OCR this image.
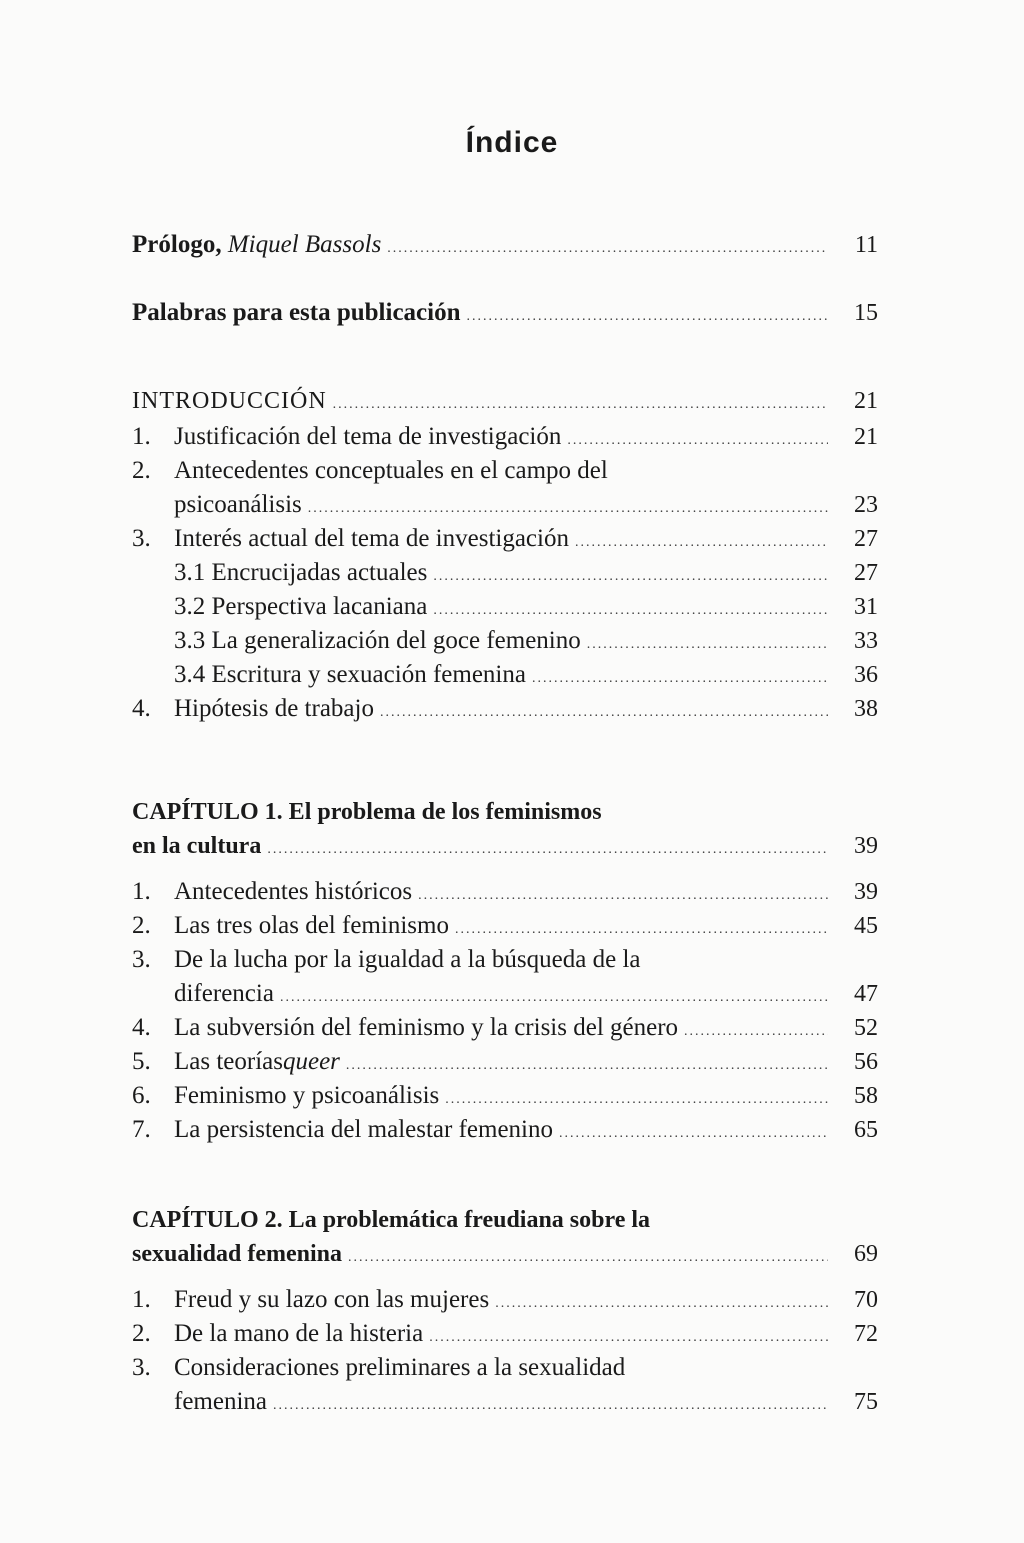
Índice
Prólogo, Miquel Bassols .....	11
Palabras para esta publicación .....	15
INTRODUCCIÓN .....	21
1. Justificación del tema de investigación .....	21
2. Antecedentes conceptuales en el campo del
psicoanálisis .....	23
3. Interés actual del tema de investigación .....	27
3.1 Encrucijadas actuales .....	27
3.2 Perspectiva lacaniana .....	31
3.3 La generalización del goce femenino .....	33
3.4 Escritura y sexuación femenina .....	36
4. Hipótesis de trabajo .....	38
CAPÍTULO 1. El problema de los feminismos
en la cultura .....	39
1. Antecedentes históricos .....	39
2. Las tres olas del feminismo .....	45
3. De la lucha por la igualdad a la búsqueda de la
diferencia .....	47
4. La subversión del feminismo y la crisis del género .....	52
5. Las teorías queer .....	56
6. Feminismo y psicoanálisis .....	58
7. La persistencia del malestar femenino .....	65
CAPÍTULO 2. La problemática freudiana sobre la
sexualidad femenina .....	69
1. Freud y su lazo con las mujeres .....	70
2. De la mano de la histeria .....	72
3. Consideraciones preliminares a la sexualidad
femenina .....	75
